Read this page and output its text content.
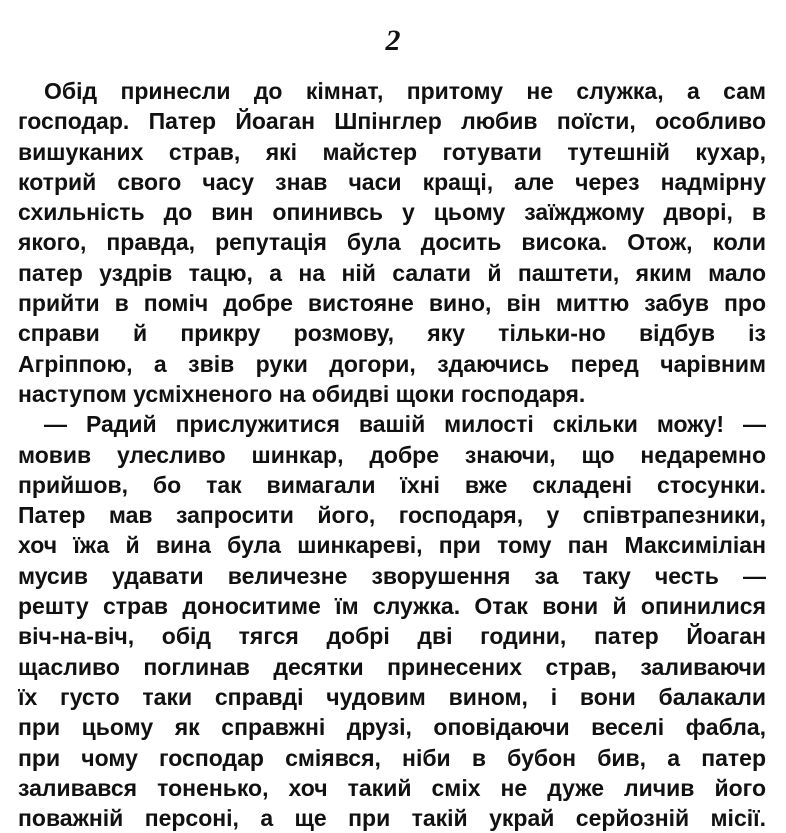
2
Обід принесли до кімнат, притому не служка, а сам
господар. Патер Йоаган Шпінглер любив поїсти, особливо
вишуканих страв, які майстер готувати тутешній кухар,
котрий свого часу знав часи кращі, але через надмірну
схильність до вин опинивсь у цьому заїжджому дворі, в
якого, правда, репутація була досить висока. Отож, коли
патер уздрів тацю, а на ній салати й паштети, яким мало
прийти в поміч добре вистояне вино, він миттю забув про
справи й прикру розмову, яку тільки-но відбув із
Агріппою, а звів руки догори, здаючись перед чарівним
наступом усміхненого на обидві щоки господаря.
— Радий прислужитися вашій милості скільки можу! —
мовив улесливо шинкар, добре знаючи, що недаремно
прийшов, бо так вимагали їхні вже складені стосунки.
Патер мав запросити його, господаря, у співтрапезники,
хоч їжа й вина була шинкареві, при тому пан Максиміліан
мусив удавати величезне зворушення за таку честь —
решту страв доноситиме їм служка. Отак вони й опинилися
віч-на-віч, обід тягся добрі дві години, патер Йоаган
щасливо поглинав десятки принесених страв, заливаючи
їх густо таки справді чудовим вином, і вони балакали
при цьому як справжні друзі, оповідаючи веселі фабла,
при чому господар сміявся, ніби в бубон бив, а патер
заливався тоненько, хоч такий сміх не дуже личив його
поважній персоні, а ще при такій украй серйозній місії.
